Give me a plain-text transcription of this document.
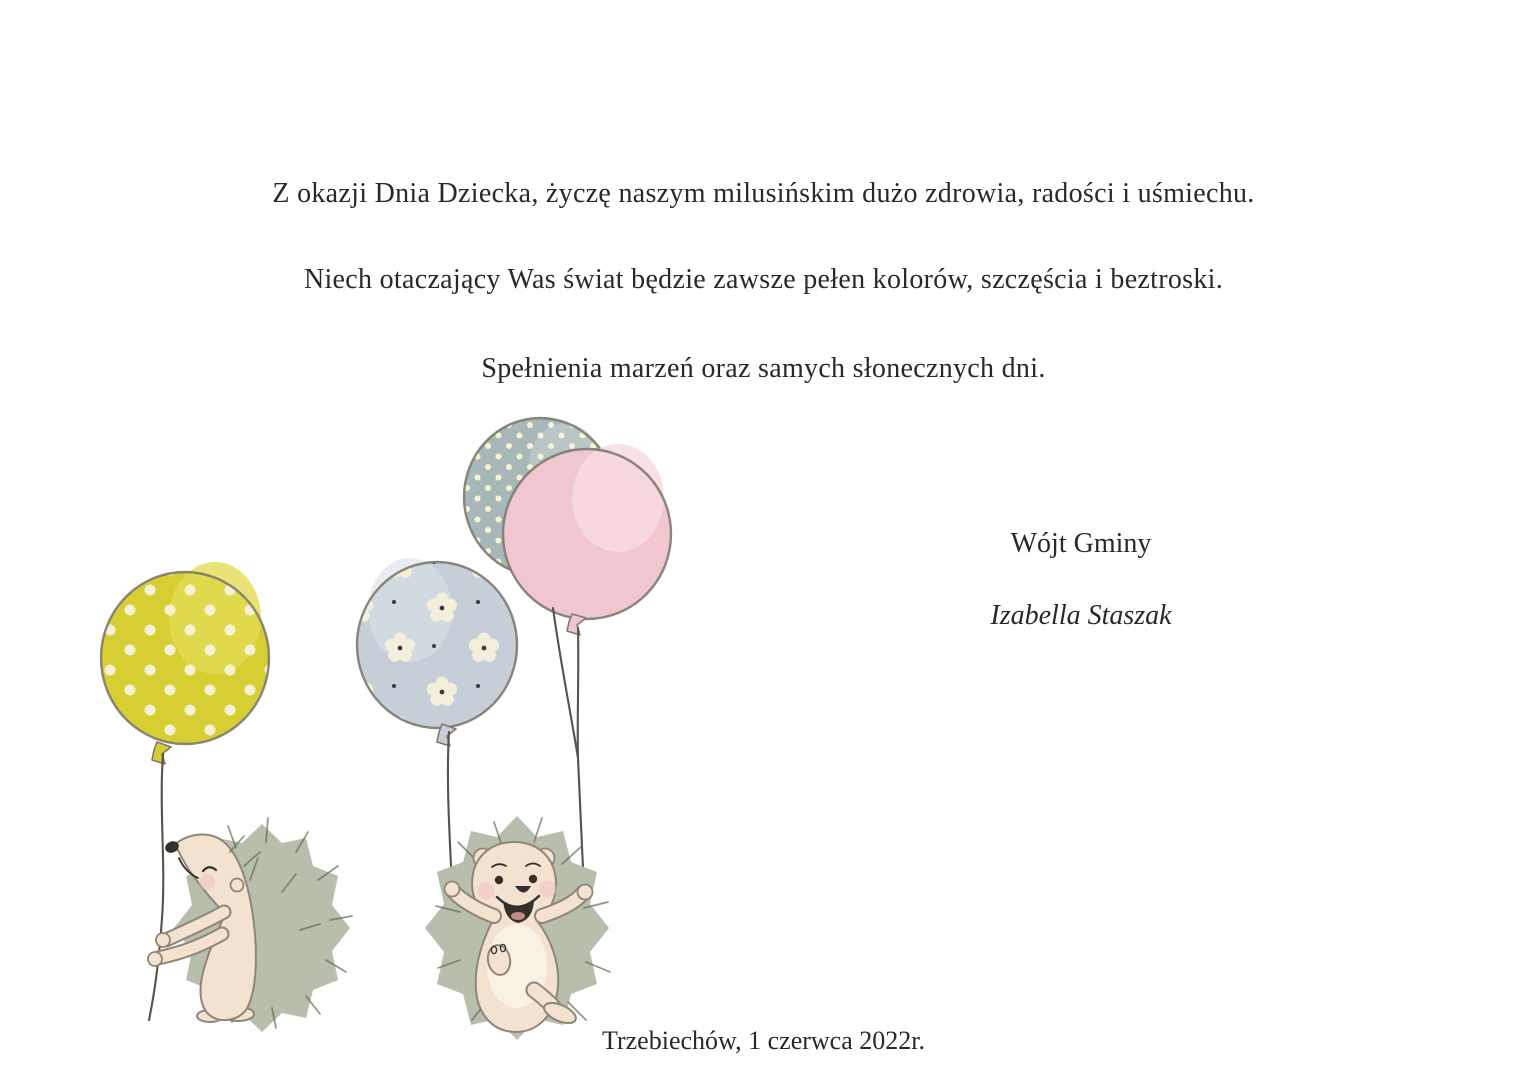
Z okazji Dnia Dziecka, życzę naszym milusińskim dużo zdrowia, radości i uśmiechu.

Niech otaczający Was świat będzie zawsze pełen kolorów, szczęścia i beztroski.

Spełnienia marzeń oraz samych słonecznych dni.

Wójt Gminy

Izabella Staszak

Trzebiechów, 1 czerwca 2022r.
